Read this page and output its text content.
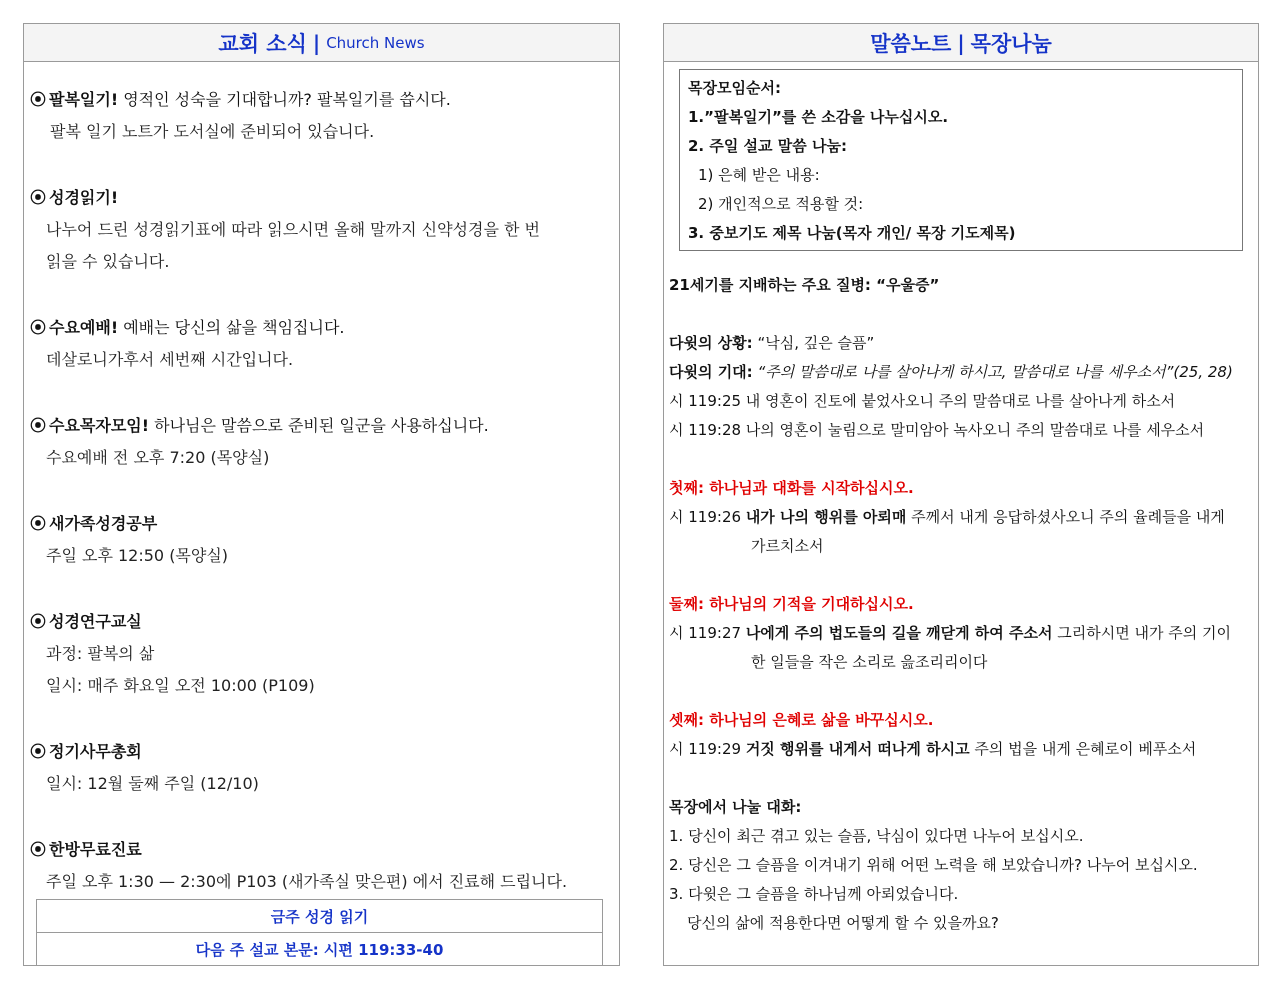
교회 소식 | Church News
⦿ 팔복일기! 영적인 성숙을 기대합니까? 팔복일기를 씁시다.
팔복 일기 노트가 도서실에 준비되어 있습니다.
⦿ 성경읽기!
나누어 드린 성경읽기표에 따라 읽으시면 올해 말까지 신약성경을 한 번
읽을 수 있습니다.
⦿ 수요예배! 예배는 당신의 삶을 책임집니다.
데살로니가후서 세번째 시간입니다.
⦿ 수요목자모임! 하나님은 말씀으로 준비된 일군을 사용하십니다.
수요예배 전 오후 7:20 (목양실)
⦿ 새가족성경공부
주일 오후 12:50 (목양실)
⦿ 성경연구교실
과정: 팔복의 삶
일시: 매주 화요일 오전 10:00 (P109)
⦿ 정기사무총회
일시: 12월 둘째 주일 (12/10)
⦿ 한방무료진료
주일 오후 1:30 — 2:30에 P103 (새가족실 맞은편) 에서 진료해 드립니다.
금주 성경 읽기
다음 주 설교 본문: 시편 119:33-40
말씀노트 | 목장나눔
목장모임순서:
1.”팔복일기”를 쓴 소감을 나누십시오.
2. 주일 설교 말씀 나눔:
1) 은혜 받은 내용:
2) 개인적으로 적용할 것:
3. 중보기도 제목 나눔(목자 개인/ 목장 기도제목)
21세기를 지배하는 주요 질병: “우울증”
다윗의 상황: “낙심, 깊은 슬픔”
다윗의 기대: “주의 말씀대로 나를 살아나게 하시고, 말씀대로 나를 세우소서”(25, 28)
시 119:25 내 영혼이 진토에 붙었사오니 주의 말씀대로 나를 살아나게 하소서
시 119:28 나의 영혼이 눌림으로 말미암아 녹사오니 주의 말씀대로 나를 세우소서
첫째: 하나님과 대화를 시작하십시오.
시 119:26 내가 나의 행위를 아뢰매 주께서 내게 응답하셨사오니 주의 율례들을 내게
가르치소서
둘째: 하나님의 기적을 기대하십시오.
시 119:27 나에게 주의 법도들의 길을 깨닫게 하여 주소서 그리하시면 내가 주의 기이
한 일들을 작은 소리로 읊조리리이다
셋째: 하나님의 은혜로 삶을 바꾸십시오.
시 119:29 거짓 행위를 내게서 떠나게 하시고 주의 법을 내게 은혜로이 베푸소서
목장에서 나눌 대화:
1. 당신이 최근 겪고 있는 슬픔, 낙심이 있다면 나누어 보십시오.
2. 당신은 그 슬픔을 이겨내기 위해 어떤 노력을 해 보았습니까? 나누어 보십시오.
3. 다윗은 그 슬픔을 하나님께 아뢰었습니다.
당신의 삶에 적용한다면 어떻게 할 수 있을까요?
